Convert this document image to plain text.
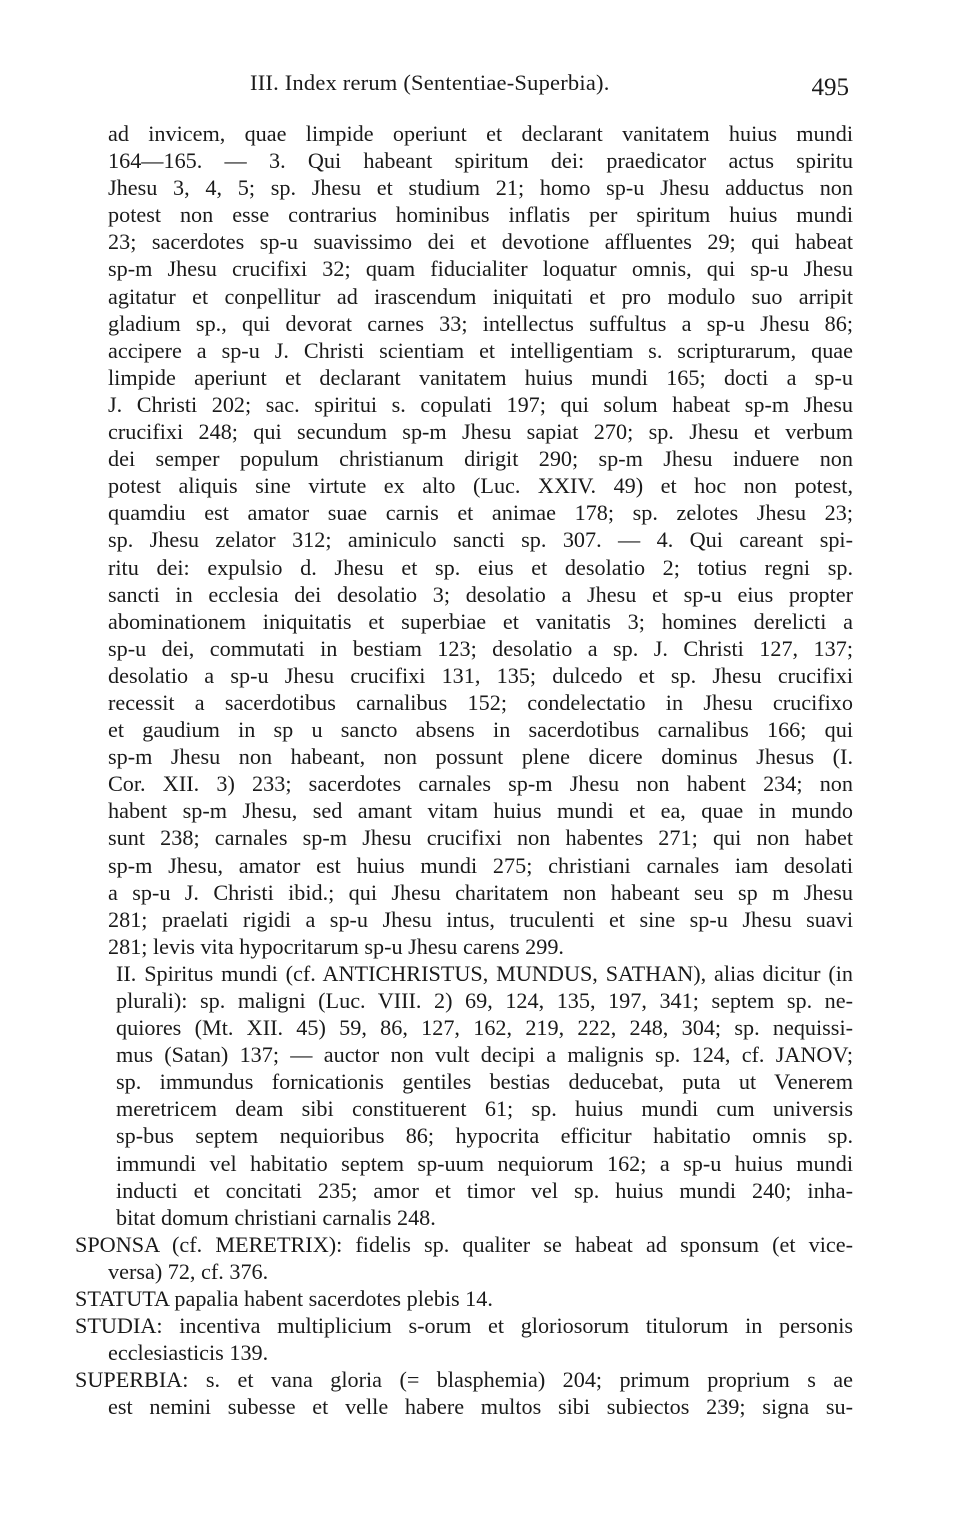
III. Index rerum (Sententiae-Superbia).	495
ad invicem, quae limpide operiunt et declarant vanitatem huius mundi
164—165. — 3. Qui habeant spiritum dei: praedicator actus spiritu
Jhesu 3, 4, 5; sp. Jhesu et studium 21; homo sp-u Jhesu adductus non
potest non esse contrarius hominibus inflatis per spiritum huius mundi
23; sacerdotes sp-u suavissimo dei et devotione affluentes 29; qui habeat
sp-m Jhesu crucifixi 32; quam fiducialiter loquatur omnis, qui sp-u Jhesu
agitatur et conpellitur ad irascendum iniquitati et pro modulo suo arripit
gladium sp., qui devorat carnes 33; intellectus suffultus a sp-u Jhesu 86;
accipere a sp-u J. Christi scientiam et intelligentiam s. scripturarum, quae
limpide aperiunt et declarant vanitatem huius mundi 165; docti a sp-u
J. Christi 202; sac. spiritui s. copulati 197; qui solum habeat sp-m Jhesu
crucifixi 248; qui secundum sp-m Jhesu sapiat 270; sp. Jhesu et verbum
dei semper populum christianum dirigit 290; sp-m Jhesu induere non
potest aliquis sine virtute ex alto (Luc. XXIV. 49) et hoc non potest,
quamdiu est amator suae carnis et animae 178; sp. zelotes Jhesu 23;
sp. Jhesu zelator 312; aminiculo sancti sp. 307. — 4. Qui careant spi-
ritu dei: expulsio d. Jhesu et sp. eius et desolatio 2; totius regni sp.
sancti in ecclesia dei desolatio 3; desolatio a Jhesu et sp-u eius propter
abominationem iniquitatis et superbiae et vanitatis 3; homines derelicti a
sp-u dei, commutati in bestiam 123; desolatio a sp. J. Christi 127, 137;
desolatio a sp-u Jhesu crucifixi 131, 135; dulcedo et sp. Jhesu crucifixi
recessit a sacerdotibus carnalibus 152; condelectatio in Jhesu crucifixo
et gaudium in sp u sancto absens in sacerdotibus carnalibus 166; qui
sp-m Jhesu non habeant, non possunt plene dicere dominus Jhesus (I.
Cor. XII. 3) 233; sacerdotes carnales sp-m Jhesu non habent 234; non
habent sp-m Jhesu, sed amant vitam huius mundi et ea, quae in mundo
sunt 238; carnales sp-m Jhesu crucifixi non habentes 271; qui non habet
sp-m Jhesu, amator est huius mundi 275; christiani carnales iam desolati
a sp-u J. Christi ibid.; qui Jhesu charitatem non habeant seu sp m Jhesu
281; praelati rigidi a sp-u Jhesu intus, truculenti et sine sp-u Jhesu suavi
281; levis vita hypocritarum sp-u Jhesu carens 299.
II. Spiritus mundi (cf. ANTICHRISTUS, MUNDUS, SATHAN), alias dicitur (in
plurali): sp. maligni (Luc. VIII. 2) 69, 124, 135, 197, 341; septem sp. ne-
quiores (Mt. XII. 45) 59, 86, 127, 162, 219, 222, 248, 304; sp. nequissi-
mus (Satan) 137; — auctor non vult decipi a malignis sp. 124, cf. JANOV;
sp. immundus fornicationis gentiles bestias deducebat, puta ut Venerem
meretricem deam sibi constituerent 61; sp. huius mundi cum universis
sp-bus septem nequioribus 86; hypocrita efficitur habitatio omnis sp.
immundi vel habitatio septem sp-uum nequiorum 162; a sp-u huius mundi
inducti et concitati 235; amor et timor vel sp. huius mundi 240; inha-
bitat domum christiani carnalis 248.
SPONSA (cf. MERETRIX): fidelis sp. qualiter se habeat ad sponsum (et vice-
versa) 72, cf. 376.
STATUTA papalia habent sacerdotes plebis 14.
STUDIA: incentiva multiplicium s-orum et gloriosorum titulorum in personis
ecclesiasticis 139.
SUPERBIA: s. et vana gloria (= blasphemia) 204; primum proprium s ae
est nemini subesse et velle habere multos sibi subiectos 239; signa su-
